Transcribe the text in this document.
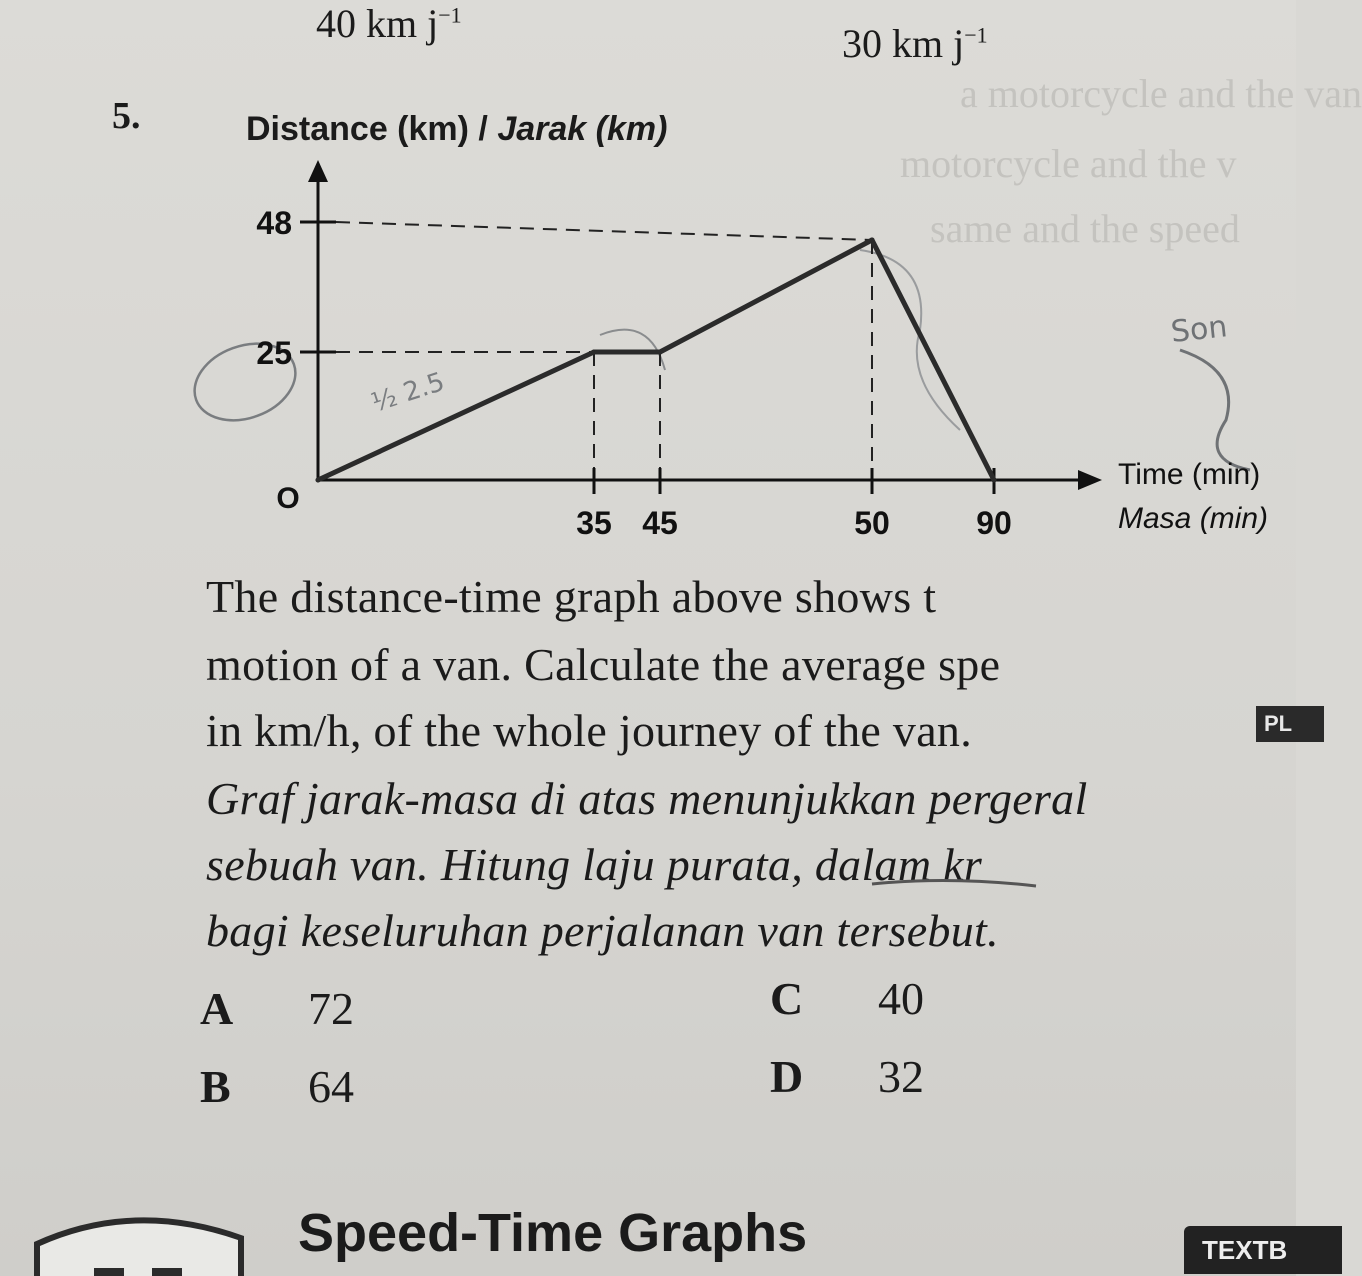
a motorcycle and the van
motorcycle and the v
same and the speed
40 km $j^{-1}$
30 km $j^{-1}$
5.	Distance (km) / Jarak (km)
½ 2.5
Son
48
25
35 45	50	90
O
Time (min)
Masa (min)
The distance-time graph above shows t
motion of a van. Calculate the average spe
in km/h, of the whole journey of the van.	PL
Graf jarak-masa di atas menunjukkan pergeral
sebuah van. Hitung laju purata, dalam kr
bagi keseluruhan perjalanan van tersebut.
A 72
B 64
C 40
D 32
Speed-Time Graphs	TEXTB
